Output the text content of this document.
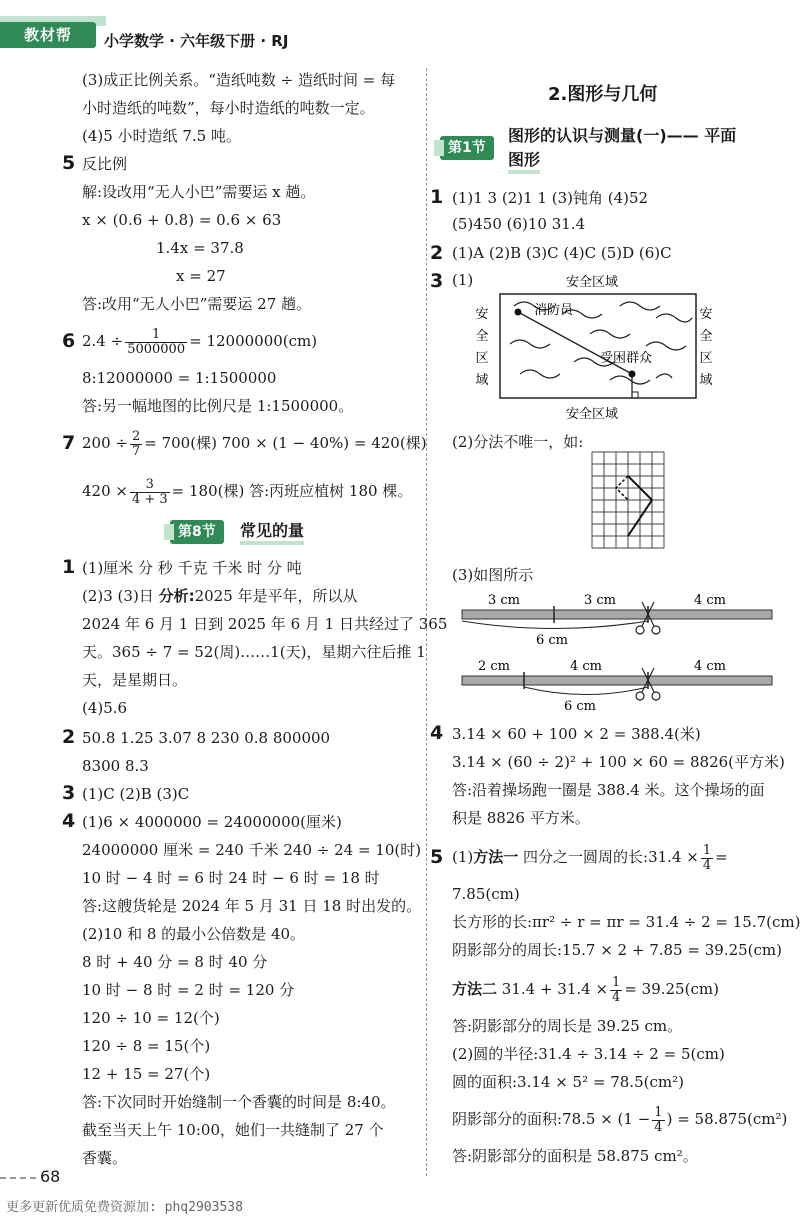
教材帮	小学数学 · 六年级下册 · RJ
(3)成正比例关系。“造纸吨数 ÷ 造纸时间 = 每
小时造纸的吨数”，每小时造纸的吨数一定。
(4)5 小时造纸 7.5 吨。
5 反比例
解:设改用“无人小巴”需要运 x 趟。
x × (0.6 + 0.8) = 0.6 × 63
1.4x = 37.8
x = 27
答:改用“无人小巴”需要运 27 趟。
6 $2.4 \div \frac{1}{5000000} = 12000000(cm)$
8:12000000 = 1:1500000
答:另一幅地图的比例尺是 1:1500000。
7 $200 \div \frac{2}{7} = 700$(棵) 700 × (1 − 40%) = 420(棵)
$420 \times \frac{3}{4 + 3} = 180$(棵) 答:丙班应植树 180 棵。
第8节	常见的量
1 (1)厘米 分 秒 千克 千米 时 分 吨
(2)3 (3)日 分析:2025 年是平年，所以从
2024 年 6 月 1 日到 2025 年 6 月 1 日共经过了 365
天。365 ÷ 7 = 52(周)……1(天)，星期六往后推 1
天，是星期日。
(4)5.6
2 50.8 1.25 3.07 8 230 0.8 800000
8300 8.3
3 (1)C (2)B (3)C
4 (1)6 × 4000000 = 24000000(厘米)
24000000 厘米 = 240 千米 240 ÷ 24 = 10(时)
10 时 − 4 时 = 6 时 24 时 − 6 时 = 18 时
答:这艘货轮是 2024 年 5 月 31 日 18 时出发的。
(2)10 和 8 的最小公倍数是 40。
8 时 + 40 分 = 8 时 40 分
10 时 − 8 时 = 2 时 = 120 分
120 ÷ 10 = 12(个)
120 ÷ 8 = 15(个)
12 + 15 = 27(个)
答:下次同时开始缝制一个香囊的时间是 8:40。
截至当天上午 10:00，她们一共缝制了 27 个
香囊。
2.图形与几何
第1节
图形的认识与测量(一)—— 平面
图形
1 (1)1 3 (2)1 1 (3)钝角 (4)52
(5)450 (6)10 31.4
2 (1)A (2)B (3)C (4)C (5)D (6)C
3 (1)	安全区域
安全区域
安
全
区
域
安
全
区
域
消防员
受困群众
(2)分法不唯一，如:
(3)如图所示
3 cm	3 cm	4 cm
6 cm
2 cm	4 cm	4 cm
6 cm
4 3.14 × 60 + 100 × 2 = 388.4(米)
3.14 × (60 ÷ 2)² + 100 × 60 = 8826(平方米)
答:沿着操场跑一圈是 388.4 米。这个操场的面
积是 8826 平方米。
5 (1)方法一 四分之一圆周的长:31.4 × $\frac{1}{4}$ =
7.85(cm)
长方形的长:πr² ÷ r = πr = 31.4 ÷ 2 = 15.7(cm)
阴影部分的周长:15.7 × 2 + 7.85 = 39.25(cm)
方法二 $31.4 + 31.4 \times \frac{1}{4} = 39.25(cm)$
答:阴影部分的周长是 39.25 cm。
(2)圆的半径:31.4 ÷ 3.14 ÷ 2 = 5(cm)
圆的面积:3.14 × 5² = 78.5(cm²)
阴影部分的面积:78.5 × ($1 - \frac{1}{4}$ ) = 58.875(cm²)
答:阴影部分的面积是 58.875 cm²。
68
更多更新优质免费资源加: phq2903538
